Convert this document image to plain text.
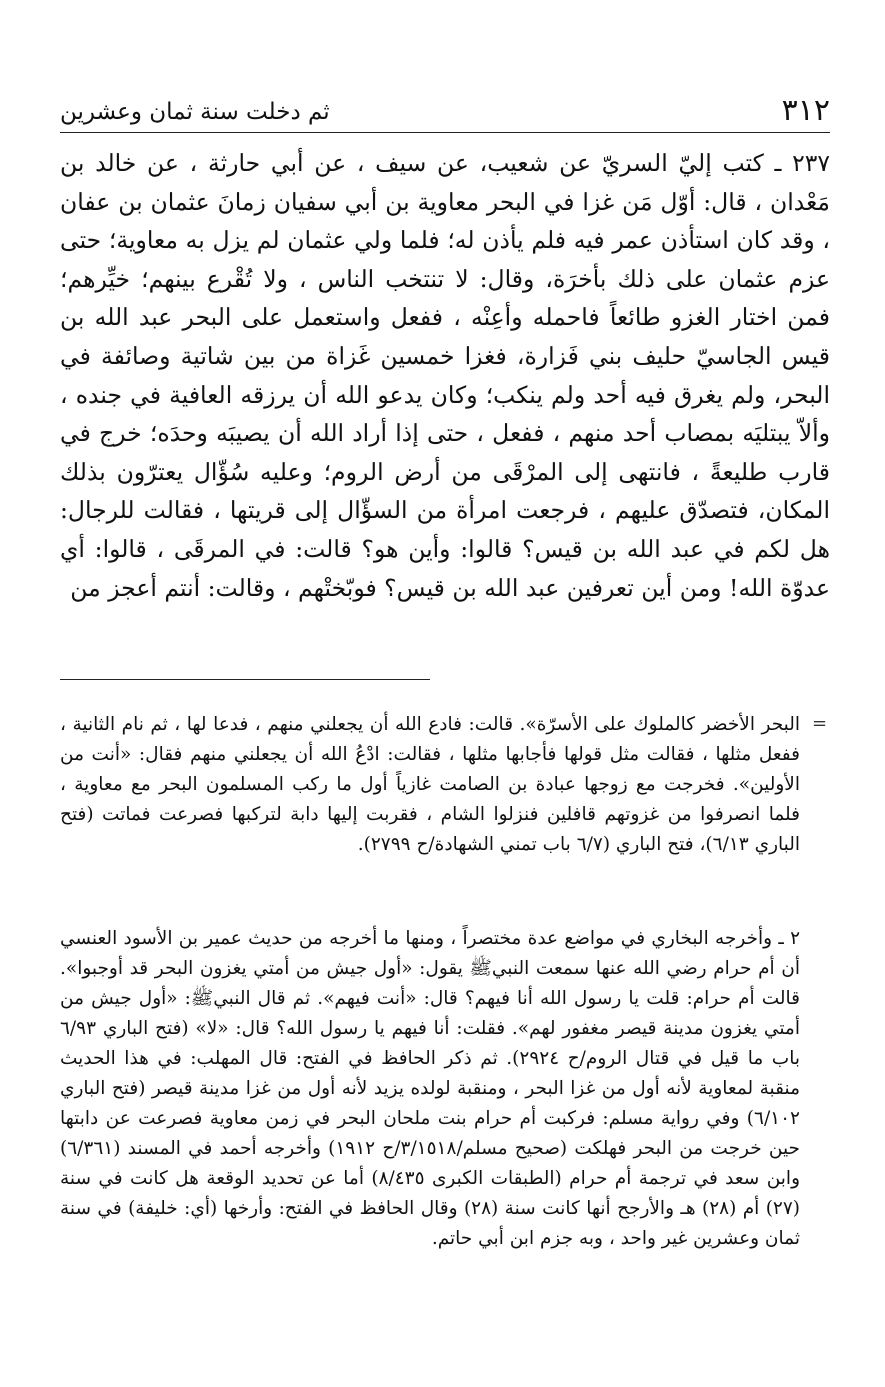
٣١٢
ثم دخلت سنة ثمان وعشرين

٢٣٧ ـ كتب إليّ السريّ عن شعيب، عن سيف ، عن أبي حارثة ، عن خالد بن مَعْدان ، قال: أوّل مَن غزا في البحر معاوية بن أبي سفيان زمانَ عثمان بن عفان ، وقد كان استأذن عمر فيه فلم يأذن له؛ فلما ولي عثمان لم يزل به معاوية؛ حتى عزم عثمان على ذلك بأخرَة، وقال: لا تنتخب الناس ، ولا تُقْرع بينهم؛ خيِّرهم؛ فمن اختار الغزو طائعاً فاحمله وأعِنْه ، ففعل واستعمل على البحر عبد الله بن قيس الجاسيّ حليف بني فَزارة، فغزا خمسين غَزاة من بين شاتية وصائفة في البحر، ولم يغرق فيه أحد ولم ينكب؛ وكان يدعو الله أن يرزقه العافية في جنده ، وألاّ يبتليَه بمصاب أحد منهم ، ففعل ، حتى إذا أراد الله أن يصيبَه وحدَه؛ خرج في قارب طليعةً ، فانتهى إلى المرْقَى من أرض الروم؛ وعليه سُؤّال يعترّون بذلك المكان، فتصدّق عليهم ، فرجعت امرأة من السؤّال إلى قريتها ، فقالت للرجال: هل لكم في عبد الله بن قيس؟ قالوا: وأين هو؟ قالت: في المرقَى ، قالوا: أي عدوّة الله! ومن أين تعرفين عبد الله بن قيس؟ فوبّختْهم ، وقالت: أنتم أعجز من

=

البحر الأخضر كالملوك على الأسرّة». قالت: فادع الله أن يجعلني منهم ، فدعا لها ، ثم نام الثانية ، ففعل مثلها ، فقالت مثل قولها فأجابها مثلها ، فقالت: ادْعُ الله أن يجعلني منهم فقال: «أنت من الأولين». فخرجت مع زوجها عبادة بن الصامت غازياً أول ما ركب المسلمون البحر مع معاوية ، فلما انصرفوا من غزوتهم قافلين فنزلوا الشام ، فقربت إليها دابة لتركبها فصرعت فماتت (فتح الباري ٦/١٣)، فتح الباري (٦/٧ باب تمني الشهادة/ح ٢٧٩٩).

٢ ـ وأخرجه البخاري في مواضع عدة مختصراً ، ومنها ما أخرجه من حديث عمير بن الأسود العنسي أن أم حرام رضي الله عنها سمعت النبيﷺ يقول: «أول جيش من أمتي يغزون البحر قد أوجبوا». قالت أم حرام: قلت يا رسول الله أنا فيهم؟ قال: «أنت فيهم». ثم قال النبيﷺ: «أول جيش من أمتي يغزون مدينة قيصر مغفور لهم». فقلت: أنا فيهم يا رسول الله؟ قال: «لا» (فتح الباري ٦/٩٣ باب ما قيل في قتال الروم/ح ٢٩٢٤). ثم ذكر الحافظ في الفتح: قال المهلب: في هذا الحديث منقبة لمعاوية لأنه أول من غزا البحر ، ومنقبة لولده يزيد لأنه أول من غزا مدينة قيصر (فتح الباري ٦/١٠٢) وفي رواية مسلم: فركبت أم حرام بنت ملحان البحر في زمن معاوية فصرعت عن دابتها حين خرجت من البحر فهلكت (صحيح مسلم/٣/١٥١٨/ح ١٩١٢) وأخرجه أحمد في المسند (٦/٣٦١) وابن سعد في ترجمة أم حرام (الطبقات الكبرى ٨/٤٣٥) أما عن تحديد الوقعة هل كانت في سنة (٢٧) أم (٢٨) هـ والأرجح أنها كانت سنة (٢٨) وقال الحافظ في الفتح: وأرخها (أي: خليفة) في سنة ثمان وعشرين غير واحد ، وبه جزم ابن أبي حاتم.
